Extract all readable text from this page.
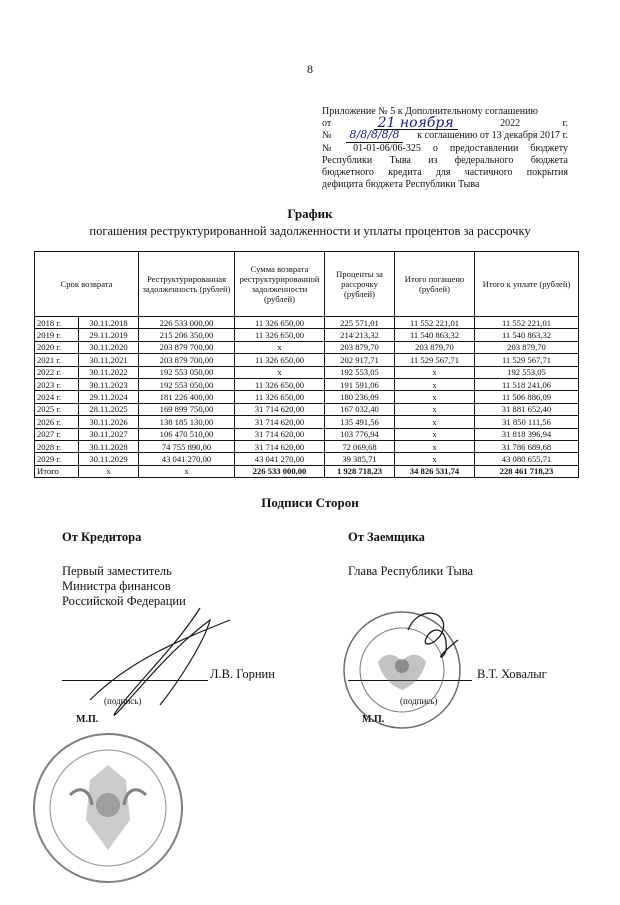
8
Приложение № 5 к Дополнительному соглашению
от	21 ноября	2022	г.
№	8/8/8/8/8	к соглашению от 13 декабря 2017 г.
№ 01-01-06/06-325 о предоставлении бюджету
Республики Тыва из федерального бюджета
бюджетного кредита для частичного покрытия
дефицита бюджета Республики Тыва
График
погашения реструктурированной задолженности и уплаты процентов за рассрочку
Срок возврата		Реструктурированная задолженность (рублей)	Сумма возврата реструктурированной задолженности (рублей)	Проценты за рассрочку (рублей)	Итого погашено (рублей)	Итого к уплате (рублей)
2018 г.	30.11.2018	226 533 000,00	11 326 650,00	225 571,01	11 552 221,01	11 552 221,01
2019 г.	29.11.2019	215 206 350,00	11 326 650,00	214 213,32	11 540 863,32	11 540 863,32
2020 г.	30.11.2020	203 879 700,00	х	203 879,70	203 879,70	203 879,70
2021 г.	30.11.2021	203 879 700,00	11 326 650,00	202 917,71	11 529 567,71	11 529 567,71
2022 г.	30.11.2022	192 553 050,00	х	192 553,05	х	192 553,05
2023 г.	30.11.2023	192 553 050,00	11 326 650,00	191 591,06	х	11 518 241,06
2024 г.	29.11.2024	181 226 400,00	11 326 650,00	180 236,09	х	11 506 886,09
2025 г.	28.11.2025	169 899 750,00	31 714 620,00	167 032,40	х	31 881 652,40
2026 г.	30.11.2026	138 185 130,00	31 714 620,00	135 491,56	х	31 850 111,56
2027 г.	30.11.2027	106 470 510,00	31 714 620,00	103 776,94	х	31 818 396,94
2028 г.	30.11.2028	74 755 890,00	31 714 620,00	72 069,68	х	31 786 689,68
2029 г.	30.11.2029	43 041 270,00	43 041 270,00	39 385,71	х	43 080 655,71
Итого	х	х	226 533 000,00	1 928 718,23	34 826 531,74	228 461 718,23
Подписи Сторон
От Кредитора	От Заемщика
Первый заместитель
Министра финансов
Российской Федерации
Глава Республики Тыва
Л.В. Горнин
(подпись)
М.П.
В.Т. Ховалыг
(подпись)
М.П.
